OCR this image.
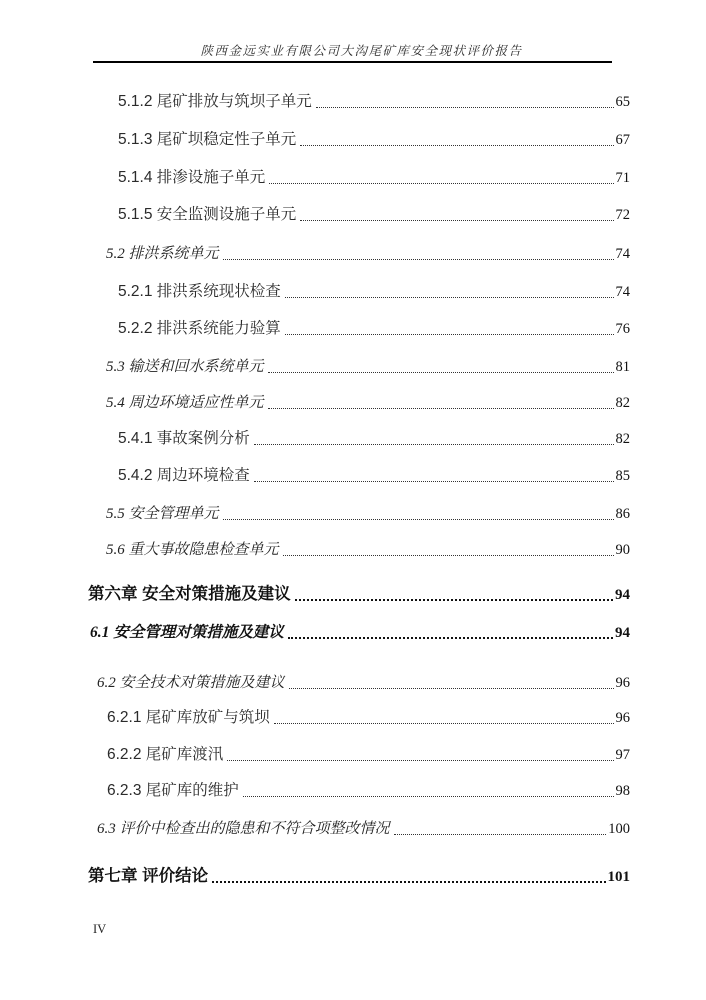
陕西金远实业有限公司大沟尾矿库安全现状评价报告
5.1.2 尾矿排放与筑坝子单元	65
5.1.3 尾矿坝稳定性子单元	67
5.1.4 排渗设施子单元	71
5.1.5 安全监测设施子单元	72
5.2 排洪系统单元	74
5.2.1 排洪系统现状检查	74
5.2.2 排洪系统能力验算	76
5.3 输送和回水系统单元	81
5.4 周边环境适应性单元	82
5.4.1 事故案例分析	82
5.4.2 周边环境检查	85
5.5 安全管理单元	86
5.6 重大事故隐患检查单元	90
第六章 安全对策措施及建议	94
6.1 安全管理对策措施及建议	94
6.2 安全技术对策措施及建议	96
6.2.1 尾矿库放矿与筑坝	96
6.2.2 尾矿库渡汛	97
6.2.3 尾矿库的维护	98
6.3 评价中检查出的隐患和不符合项整改情况	100
第七章 评价结论	101
IV
